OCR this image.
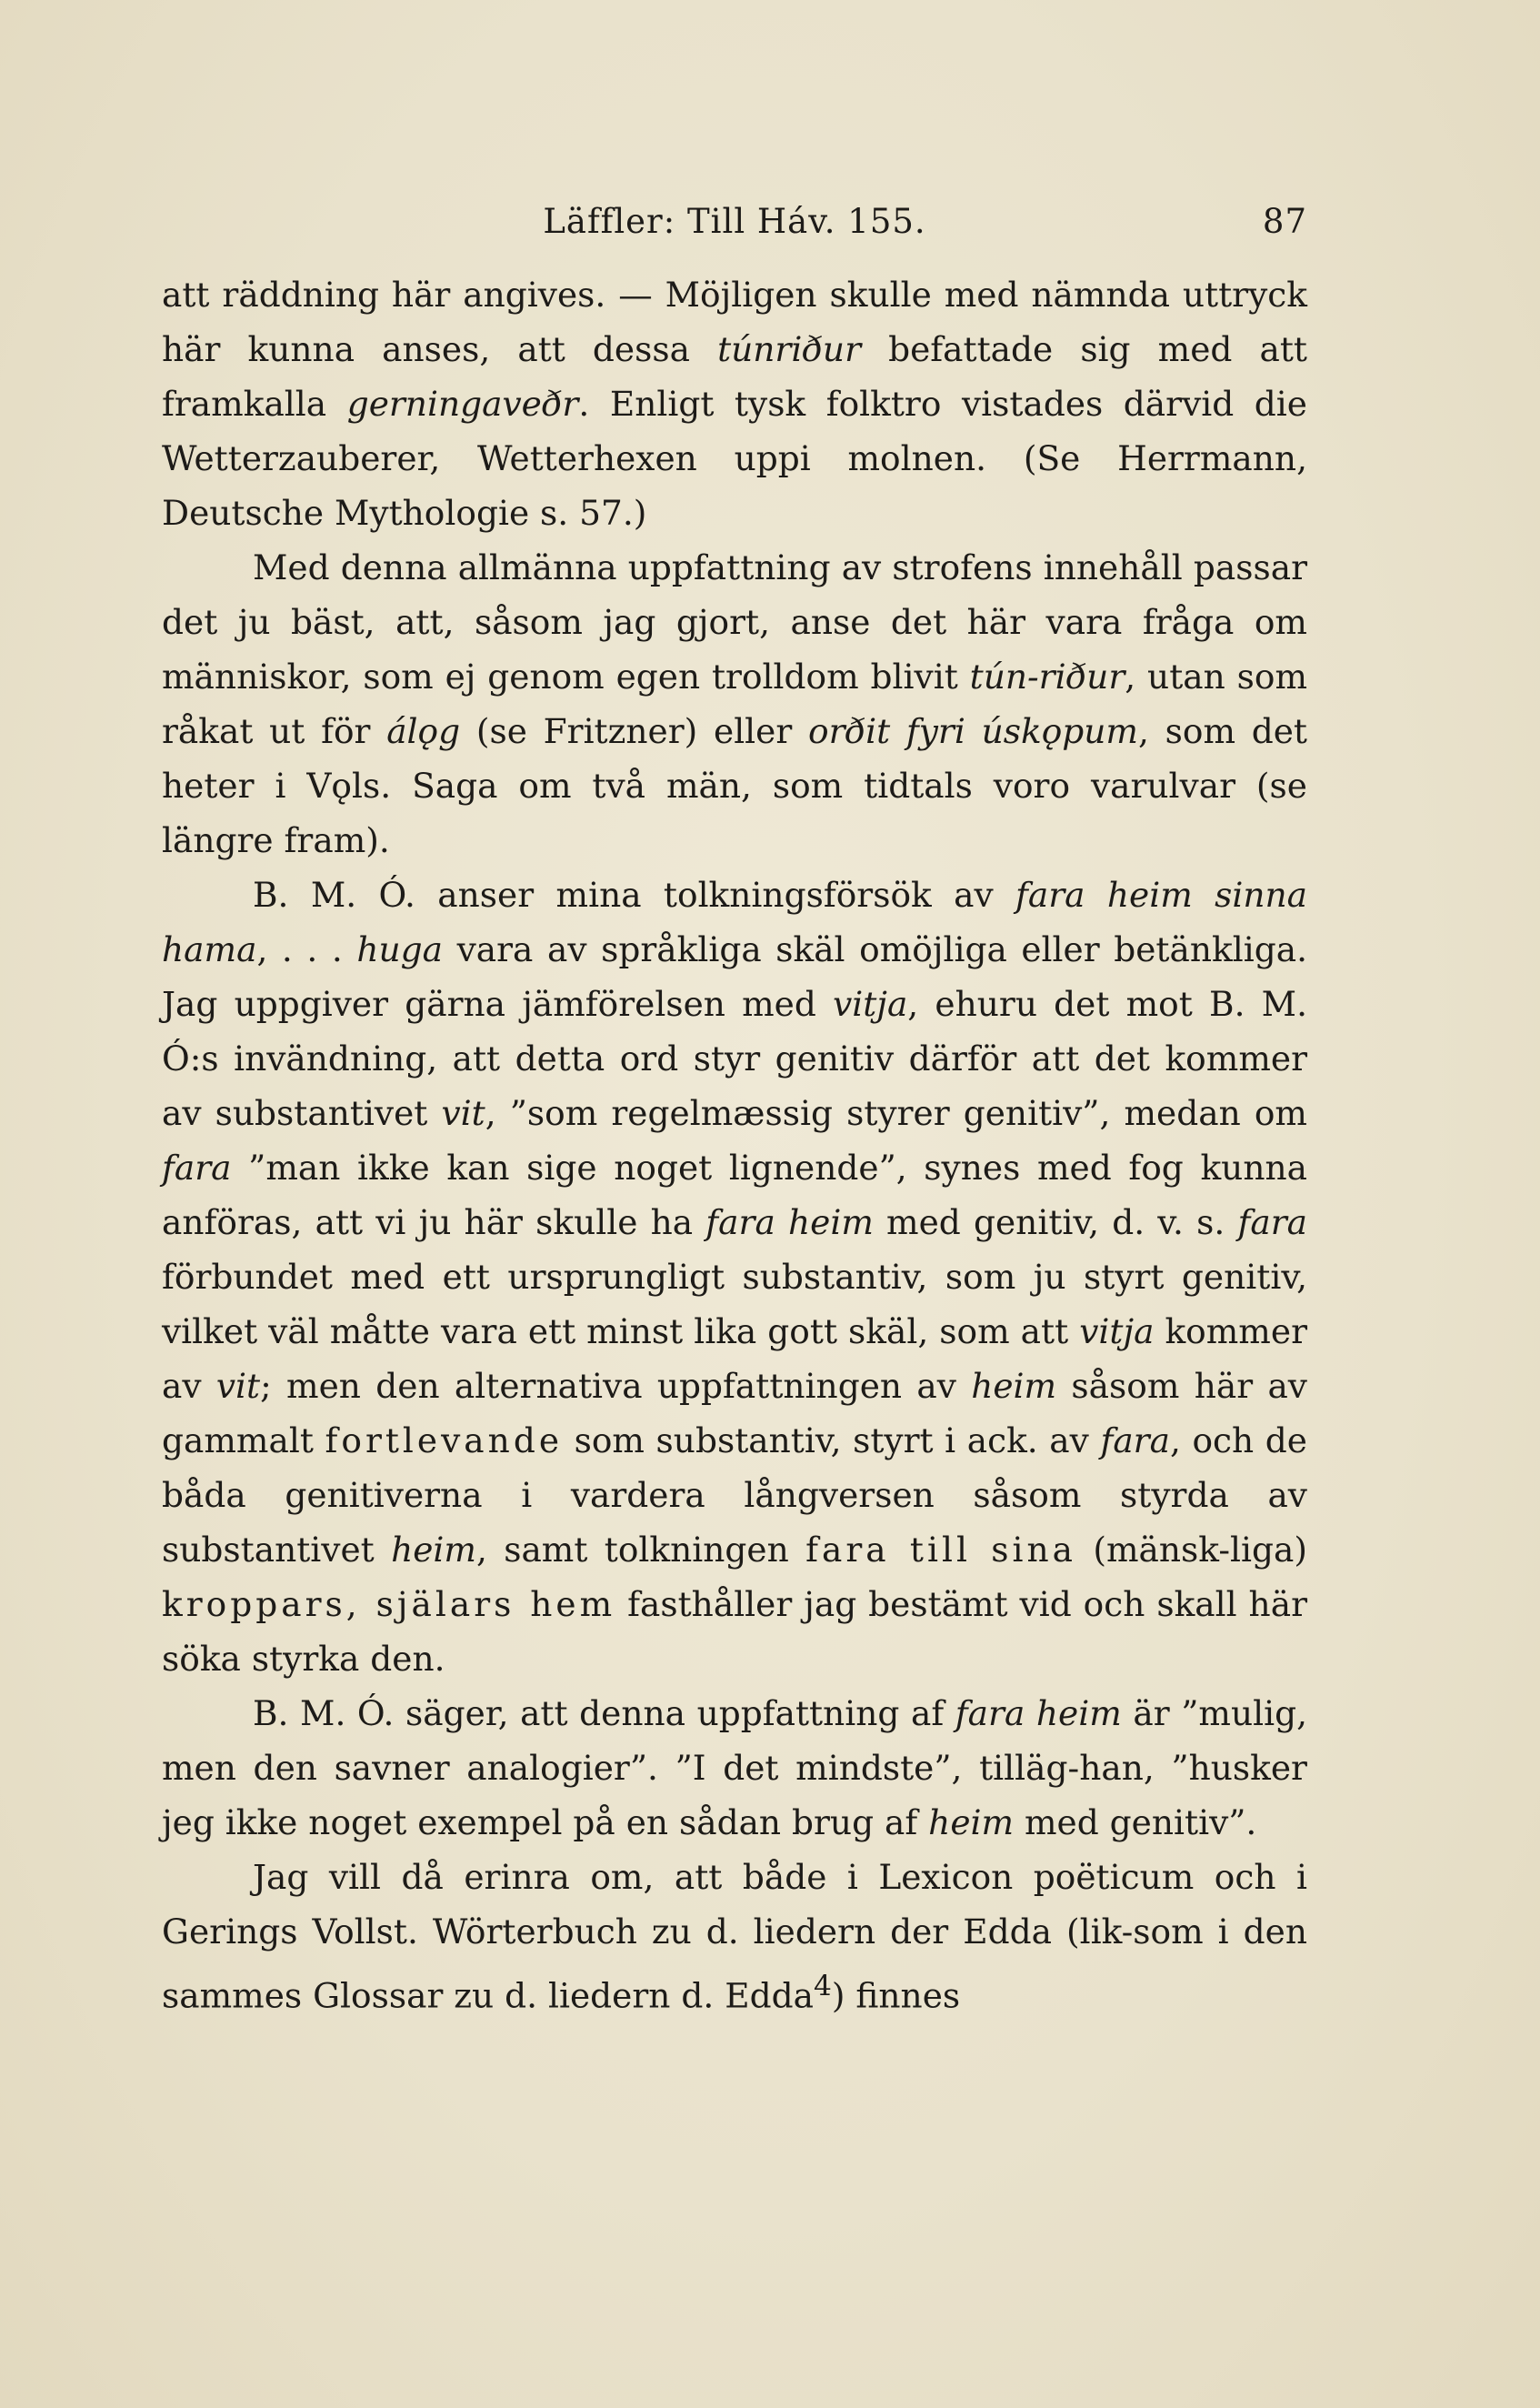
Läffler: Till Háv. 155.	87

att räddning här angives. — Möjligen skulle med nämnda uttryck här kunna anses, att dessa túnriður befattade sig med att framkalla gerningaveðr. Enligt tysk folktro vistades därvid die Wetterzauberer, Wetterhexen uppi molnen. (Se Herrmann, Deutsche Mythologie s. 57.)

Med denna allmänna uppfattning av strofens innehåll passar det ju bäst, att, såsom jag gjort, anse det här vara fråga om människor, som ej genom egen trolldom blivit tún-riður, utan som råkat ut för álǫg (se Fritzner) eller orðit fyri úskǫpum, som det heter i Vǫls. Saga om två män, som tidtals voro varulvar (se längre fram).

B. M. Ó. anser mina tolkningsförsök av fara heim sinna hama, . . . huga vara av språkliga skäl omöjliga eller betänkliga. Jag uppgiver gärna jämförelsen med vitja, ehuru det mot B. M. Ó:s invändning, att detta ord styr genitiv därför att det kommer av substantivet vit, ”som regelmæssig styrer genitiv”, medan om fara ”man ikke kan sige noget lignende”, synes med fog kunna anföras, att vi ju här skulle ha fara heim med genitiv, d. v. s. fara förbundet med ett ursprungligt substantiv, som ju styrt genitiv, vilket väl måtte vara ett minst lika gott skäl, som att vitja kommer av vit; men den alternativa uppfattningen av heim såsom här av gammalt fortlevande som substantiv, styrt i ack. av fara, och de båda genitiverna i vardera långversen såsom styrda av substantivet heim, samt tolkningen fara till sina (mänsk-liga) kroppars, själars hem fasthåller jag bestämt vid och skall här söka styrka den.

B. M. Ó. säger, att denna uppfattning af fara heim är ”mulig, men den savner analogier”. ”I det mindste”, tilläg-han, ”husker jeg ikke noget exempel på en sådan brug af heim med genitiv”.

Jag vill då erinra om, att både i Lexicon poëticum och i Gerings Vollst. Wörterbuch zu d. liedern der Edda (lik-som i den sammes Glossar zu d. liedern d. Edda$^4$) finnes
